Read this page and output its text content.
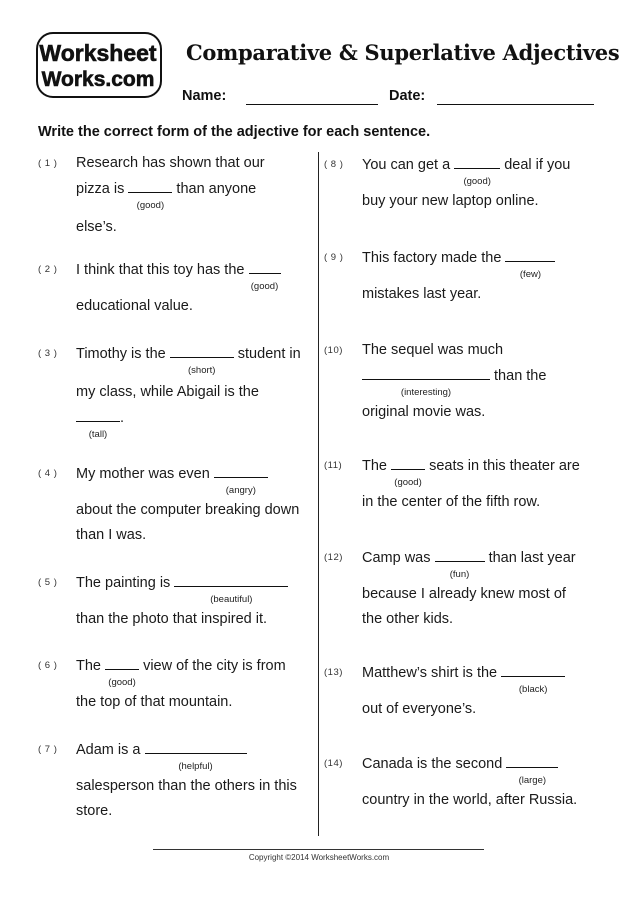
Worksheet
Works.com
Comparative & Superlative Adjectives
Name:	Date:
Write the correct form of the adjective for each sentence.
( 1 ) Research has shown that our
pizza is
(good)
than anyone
else’s.
( 2 ) I think that this toy has the
(good)
educational value.
( 3 ) Timothy is the
(short)
student in
my class, while Abigail is the
(tall)
.
( 4 ) My mother was even
(angry)
about the computer breaking down
than I was.
( 5 ) The painting is
(beautiful)
than the photo that inspired it.
( 6 ) The
(good)
view of the city is from
the top of that mountain.
( 7 ) Adam is a
(helpful)
salesperson than the others in this
store.
( 8 ) You can get a
(good)
deal if you
buy your new laptop online.
( 9 ) This factory made the
(few)
mistakes last year.
(10) The sequel was much
(interesting)
than the
original movie was.
(11) The
(good)
seats in this theater are
in the center of the fifth row.
(12) Camp was
(fun)
than last year
because I already knew most of
the other kids.
(13) Matthew’s shirt is the
(black)
out of everyone’s.
(14) Canada is the second
(large)
country in the world, after Russia.
Copyright ©2014 WorksheetWorks.com
